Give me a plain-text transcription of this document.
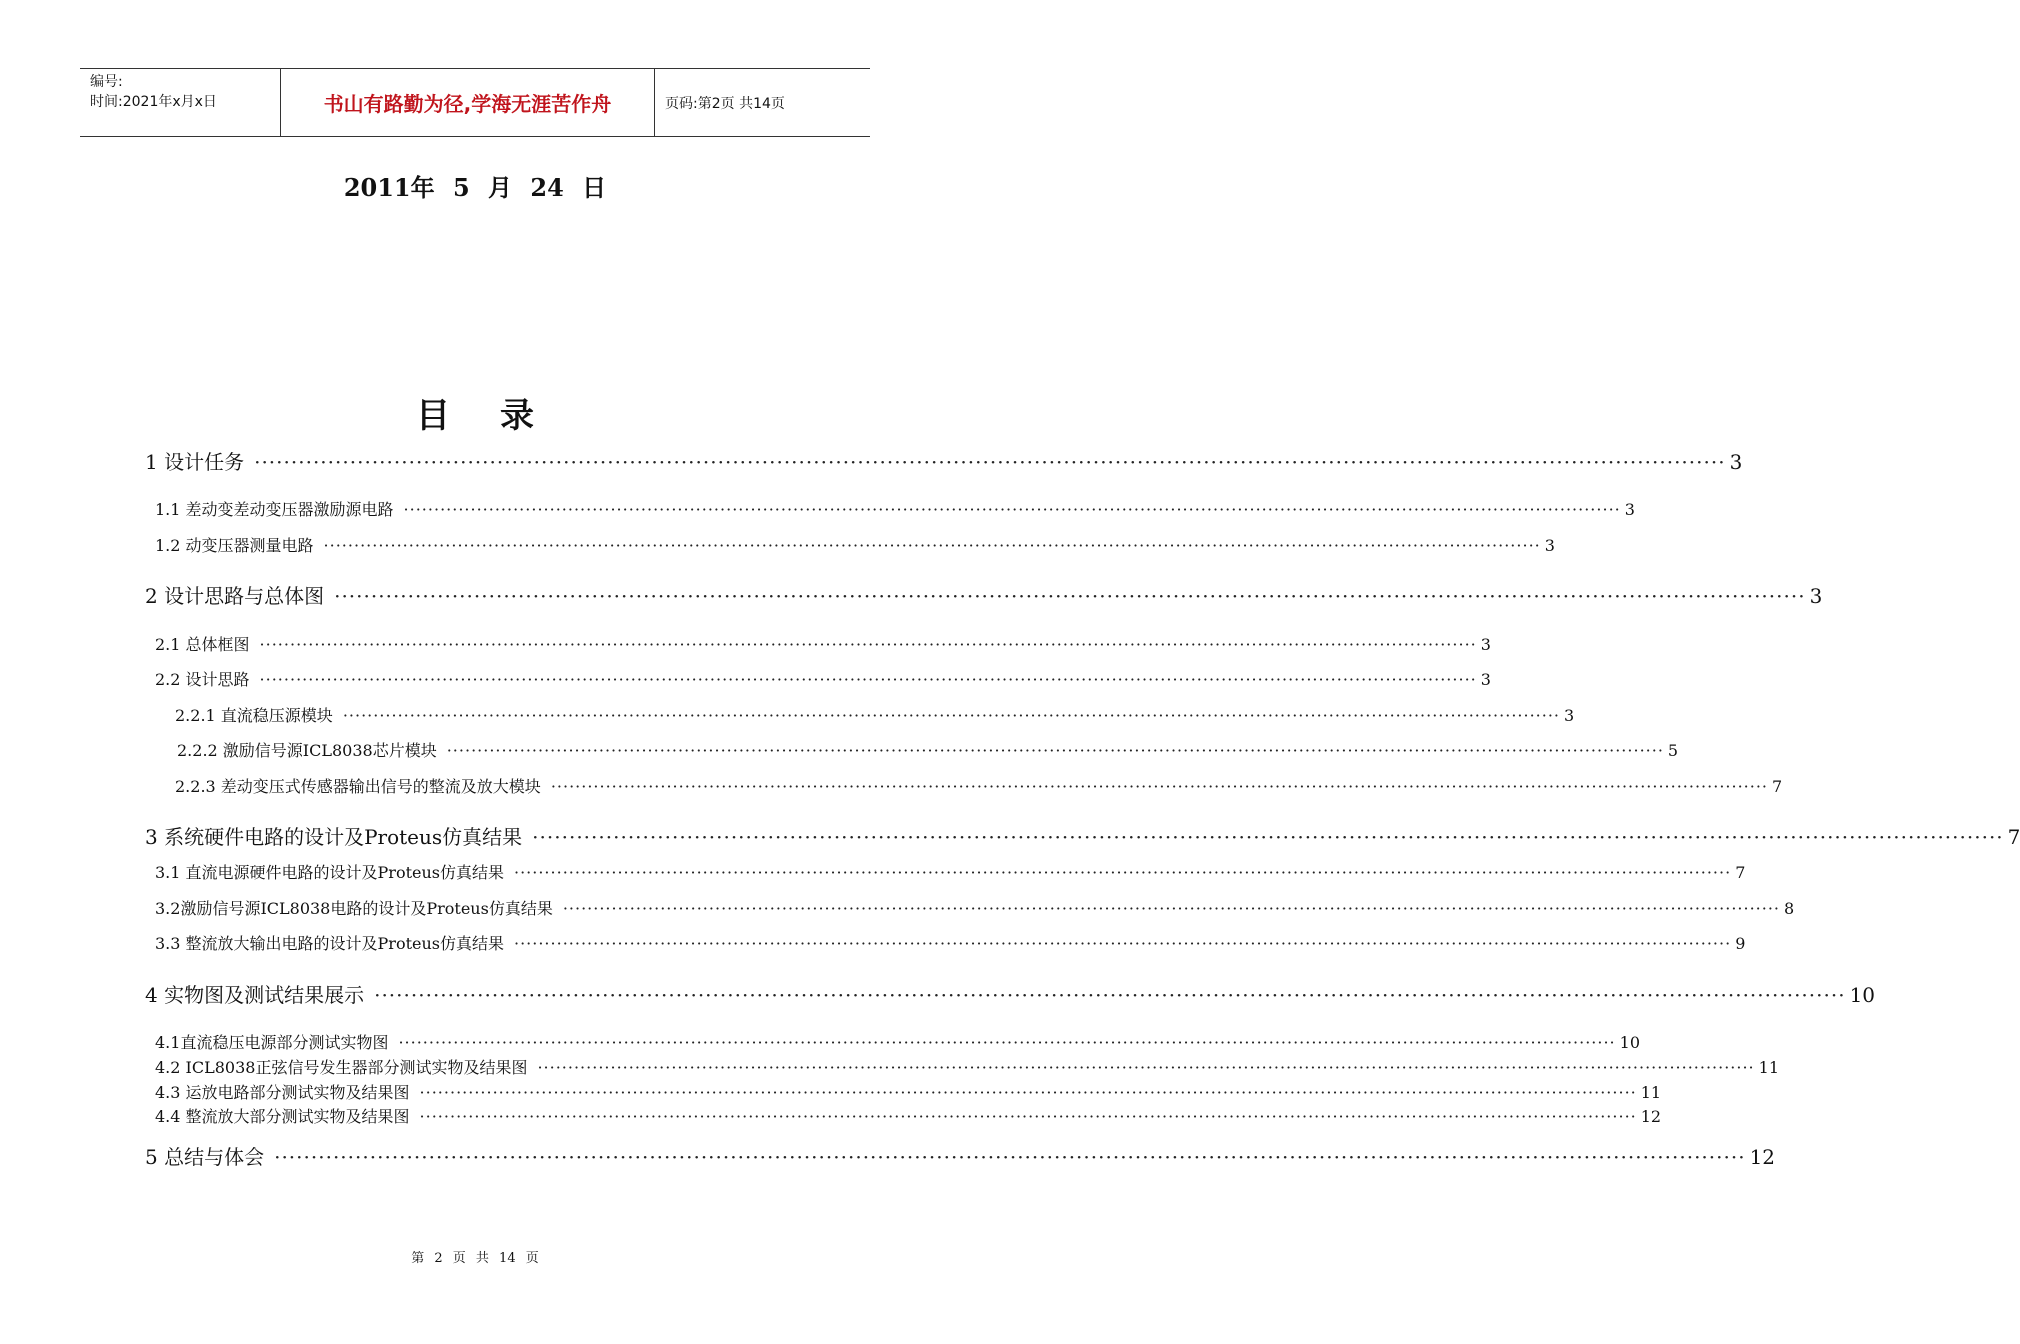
编号:
时间:2021年x月x日	书山有路勤为径,学海无涯苦作舟	页码:第2页 共14页
2011年 5 月 24 日
目录
1 设计任务 ········································································································································································································ 3
1.1 差动变差动变压器激励源电路 ········································································································································································································ 3
1.2 动变压器测量电路 ········································································································································································································ 3
2 设计思路与总体图 ········································································································································································································ 3
2.1 总体框图 ········································································································································································································ 3
2.2 设计思路 ········································································································································································································ 3
2.2.1 直流稳压源模块 ········································································································································································································ 3
2.2.2 激励信号源ICL8038芯片模块 ········································································································································································································ 5
2.2.3 差动变压式传感器输出信号的整流及放大模块 ········································································································································································································ 7
3 系统硬件电路的设计及Proteus仿真结果 ········································································································································································································ 7
3.1 直流电源硬件电路的设计及Proteus仿真结果 ········································································································································································································ 7
3.2激励信号源ICL8038电路的设计及Proteus仿真结果 ········································································································································································································ 8
3.3 整流放大输出电路的设计及Proteus仿真结果 ········································································································································································································ 9
4 实物图及测试结果展示 ········································································································································································································ 10
4.1直流稳压电源部分测试实物图 ········································································································································································································ 10
4.2 ICL8038正弦信号发生器部分测试实物及结果图 ········································································································································································································ 11
4.3 运放电路部分测试实物及结果图 ········································································································································································································ 11
4.4 整流放大部分测试实物及结果图 ········································································································································································································ 12
5 总结与体会 ········································································································································································································ 12
第 2 页 共 14 页
